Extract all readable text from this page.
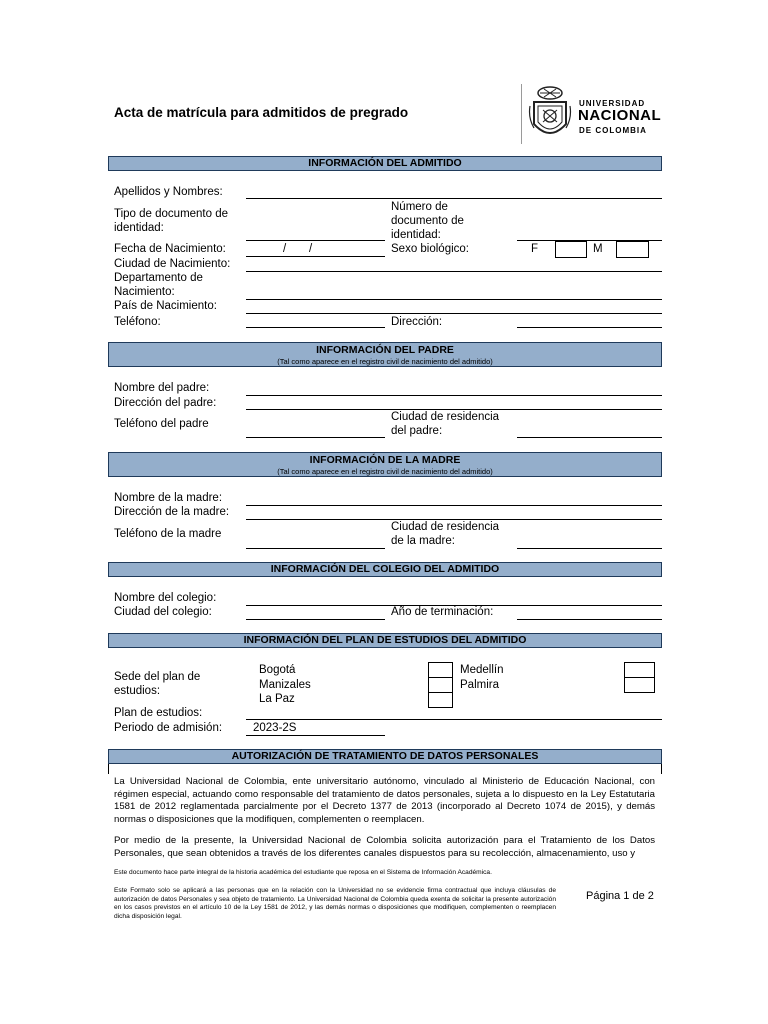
Acta de matrícula para admitidos de pregrado
UNIVERSIDAD
NACIONAL
DE COLOMBIA
INFORMACIÓN DEL ADMITIDO
Apellidos y Nombres:
Tipo de documento de identidad:
Número de documento de identidad:
Fecha de Nacimiento:	/ /	Sexo biológico:	F	M
Ciudad de Nacimiento:
Departamento de Nacimiento:
País de Nacimiento:
Teléfono:	Dirección:
INFORMACIÓN DEL PADRE
(Tal como aparece en el registro civil de nacimiento del admitido)
Nombre del padre:
Dirección del padre:
Teléfono del padre
Ciudad de residencia del padre:
INFORMACIÓN DE LA MADRE
(Tal como aparece en el registro civil de nacimiento del admitido)
Nombre de la madre:
Dirección de la madre:
Teléfono de la madre
Ciudad de residencia de la madre:
INFORMACIÓN DEL COLEGIO DEL ADMITIDO
Nombre del colegio:
Ciudad del colegio:	Año de terminación:
INFORMACIÓN DEL PLAN DE ESTUDIOS DEL ADMITIDO
Sede del plan de estudios:
Bogotá
Manizales
La Paz
Medellín
Palmira
Plan de estudios:
Periodo de admisión:	2023-2S
AUTORIZACIÓN DE TRATAMIENTO DE DATOS PERSONALES
La Universidad Nacional de Colombia, ente universitario autónomo, vinculado al Ministerio de Educación Nacional, con régimen especial, actuando como responsable del tratamiento de datos personales, sujeta a lo dispuesto en la Ley Estatutaria 1581 de 2012 reglamentada parcialmente por el Decreto 1377 de 2013 (incorporado al Decreto 1074 de 2015), y demás normas o disposiciones que la modifiquen, complementen o reemplacen.
Por medio de la presente, la Universidad Nacional de Colombia solicita autorización para el Tratamiento de los Datos Personales, que sean obtenidos a través de los diferentes canales dispuestos para su recolección, almacenamiento, uso y
Este documento hace parte integral de la historia académica del estudiante que reposa en el Sistema de Información Académica.
Este Formato solo se aplicará a las personas que en la relación con la Universidad no se evidencie firma contractual que incluya cláusulas de autorización de datos Personales y sea objeto de tratamiento. La Universidad Nacional de Colombia queda exenta de solicitar la presente autorización en los casos previstos en el artículo 10 de la Ley 1581 de 2012, y las demás normas o disposiciones que modifiquen, complementen o reemplacen dicha disposición legal.
Página 1 de 2
